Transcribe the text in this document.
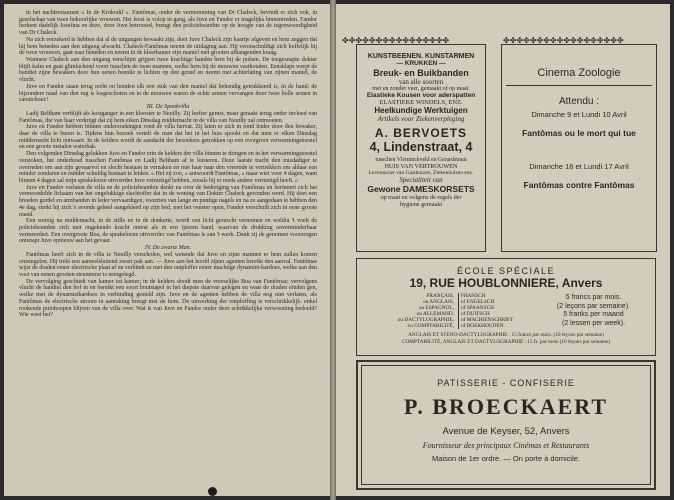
in het nachtrestaurant « In de Krokodil ». Fantômas, onder de vermomming van Dr Chaleck, bevindt er zich ook, in gezelschap van twee bekoorlijke vrouwen. Het feest is volop in gang, als Juve en Fandor er insgelijks binnentreden. Fandor herkent dadelijk Josefina en deze, door Juve betrouwd, brengt den policiebeambte op de hoogte van de tegenwoordigheid van Dr Chaleck.

Na zich verzekerd te hebben dat al de uitgangen bewaakt zijn, doet Juve Chaleck zijn kaartje afgeven en hem zeggen dat hij hem beneden aan den uitgang afwacht. Chaleck-Fantômas neemt de uitdaging aan. Hij veronschuldigt zich hoffelijk bij de twee vrouwen, gaat naar beneden en neemt in de kleerkamer zijn mantel met grooten afhangenden kraag.

Wanneer Chaleck aan den uitgang verschijnt grijpen twee krachtige handen hem bij de polsen. De toegesnapte dokter blijft kalm en gaat glimlachend voort tusschen de twee mannen, welke hem bij de mouwen vasthouden. Eensklaps werpt de bandiet zijne bewakers door hun eenen beenlie te lichten op den grond en neemt met achterlating van zijnen mantel, de vlucht.

Juve en Fandor staan terug recht en houden elk een stuk van den mantel dat behendig getrukkeerd is, in de hand: de bijzondere naad van den rug is losgeschoten en in de mouwen waren de echte armen vervangen door twee holle armen in caoutchouc!

III. De Spookvilla

Ladij Beltham verblijft als kostganger in een klooster te Neuilly. Zij leefter gerust, maar geraakt terug onder invloed van Fantômas, die van haar verkrijgt dat zij hem eiken Dinsdag middernacht in de villa van Neuilly zal ontmoeten.

Juve en Fandor hebben binnen onderzoekingen rond de villa hervat. Zij laten er zich in rond leider door den bewaker, daar de villa te huren is. Tijdens hun bezoek vertelt de man dat hei in het huis spookt en dat men er eiken Dinsdag middernacht licht ontwaart. In de kelders wordt de aandacht der bezoekers getrokken op een ovorgroot verwarmingstoestel en een groote metalen waterbak.

Den volgenden Dinsdag gelukken Juve en Fandor erin de kelders der villa binnen te dringen en in het verwarmingstoestel verstoken, het onderhoud tusschen Fantômas en Ladij Beltham af te luisteren. Deze laatste tracht den misdadiger te overreden om aan zijn gevaarvol en slecht bestaan te verzaken en met haar naar den vreemde te vertrekken om aldaar een minder zondaren en minder schuldig bestaan te leiden. « Het zij zoo, » antwoordt Fantômas, « maar wiet voor 4 dagen, want binnen 4 dagen zal mijn sprakelooze uitvoerder Juve vernietigd hebben, zooals hij er reeds andere vernietigd heeft. »

Juve en Fandor verlaten de villa en de policiebeambte denkt na over de bedreiging van Fantômas en herinnert zich het vermoordelde lichaam van het ongelukkige slachtoffer dat in de woning van Dokter Chaleck gevonden werd. Hij doet een breeden gordel en armbanden in leder vervaardigen, voorzien van lange en puntige nagels en na ze aangedaan te hebben den 4e dag, strekt hij zich 's avonds geheel aangekleed op zijn bed, met het venster open, Fandor verschuilt zich in eene groote mand.

Een weinig na middernacht, in de stille en in de donkerte, wordt een licht geruscht vernomen en weldra 't voelt de policiebeambte zich met ongekende kracht omvat als in een ijzeren band, waarvan de drukking onverminderbaar vermeerdert. Een overgroote Boa, de sprakelooze uitvoerder van Fantômas is aan 't werk. Dank zij de genomen voorzorgen ontsnapt Juve opnieuw aan het gevaar.

IV. De zwarte Man.

Fantômas heeft zich in de villa te Neuilly verscholen, wel wetende dat Juve en zijne mannen er hem zullen komen omsingelen. Hij trekt een aanwelsluitend zwart pak aan. — Juve aan het hoofd zijner agenten bereikt den aanval. Fantômas wijst de draden eener electrische plaat af en verbindt ze met den ontploffer eener machtige dynamiet-kardoes, welke aan den voet van eenen grooten steunmuur is neergelegd.

De vervolging geschiedt van kamer tot kamer; in de kelders doodt men de vreeselijke Boa van Fantômas; vervolgens vlucht de bandiet den hof in en bereikt een soort houtstapel in het diepste daarvan gelegen en waar de draden einden gen, welke met de dynamietkardoes in verbinding gesteld zijn. Juve en de agenten hebben de villa nog niet verlaten, als Fantômas de electrische stroom in aanraking breegt met de bom. De uitwerking der ontploffing is verschrikkelijk: enkel rookende puinhoopen blijven van de villa over. Wat is van Juve en Fandor onder deze schrikkelijke verwoesting bedoeld? Wie weet het?

✤✤✤✤✤✤✤✤✤✤✤✤✤✤✤✤	✤✤✤✤✤✤✤✤✤✤✤✤✤✤✤✤✤✤
KUNSTBEENEN. KUNSTARMEN
— KRUKKEN —
Breuk- en Buikbanden
van alle soorten
met en zonder veer, gemaakt of op maat.
Elastieke Kousen voor aderspatten
ELASTIEKE WINDELS, ENZ.
Heelkundige Werktuigen
Artikels voor Ziekenverpleging
A. BERVOETS
4, Lindenstraat, 4
tusschen Vleminckveld en Gerardstraat
HUIS VAN VERTROUWEN
Leverancier van Gasthuizen, Ziekenhuizen enz.
Specialiteit van
Gewone DAMESKORSETS
op maat en volgens de regels der
hygiene gemaakt
Cinema Zoologie
Attendu :
Dimanche 9 et Lundi 10 Avril
Fantômas ou le mort qui tue
Dimanche 16 et Lundi 17 Avril
Fantômas contre Fantômas
ÉCOLE SPÉCIALE
19, RUE HOUBLONNIERE, Anvers
FRANÇAIS,
ou ANGLAIS,
ou ESPAGNOL,
ou ALLEMAND,
ou DACTYLOGRAPHIE,
ou COMPTABILITÉ,
FRANSCH
of ENGELSCH
of SPAANSCH
of DUITSCH
of MACHIENSCHRIFT
of BOEKHOUDEN
5 francs par mois.
(2 leçons par semaine).
5 franks per maand
(2 lessen per week).
ANGLAIS ET STENO-DACTYLOGRAPHIE : 15 francs par mois. (10 leçons par semaine)
COMPTABILITÉ, ANGLAIS ET DACTYLOGRAPHIE : 15 fr. par mois (10 leçons par semaine)
PATISSERIE - CONFISERIE
P. BROECKAERT
Avenue de Keyser, 52, Anvers
Fournisseur des principaux Cinémas et Restaurants
Maison de 1er ordre. — On porte à domicile.
